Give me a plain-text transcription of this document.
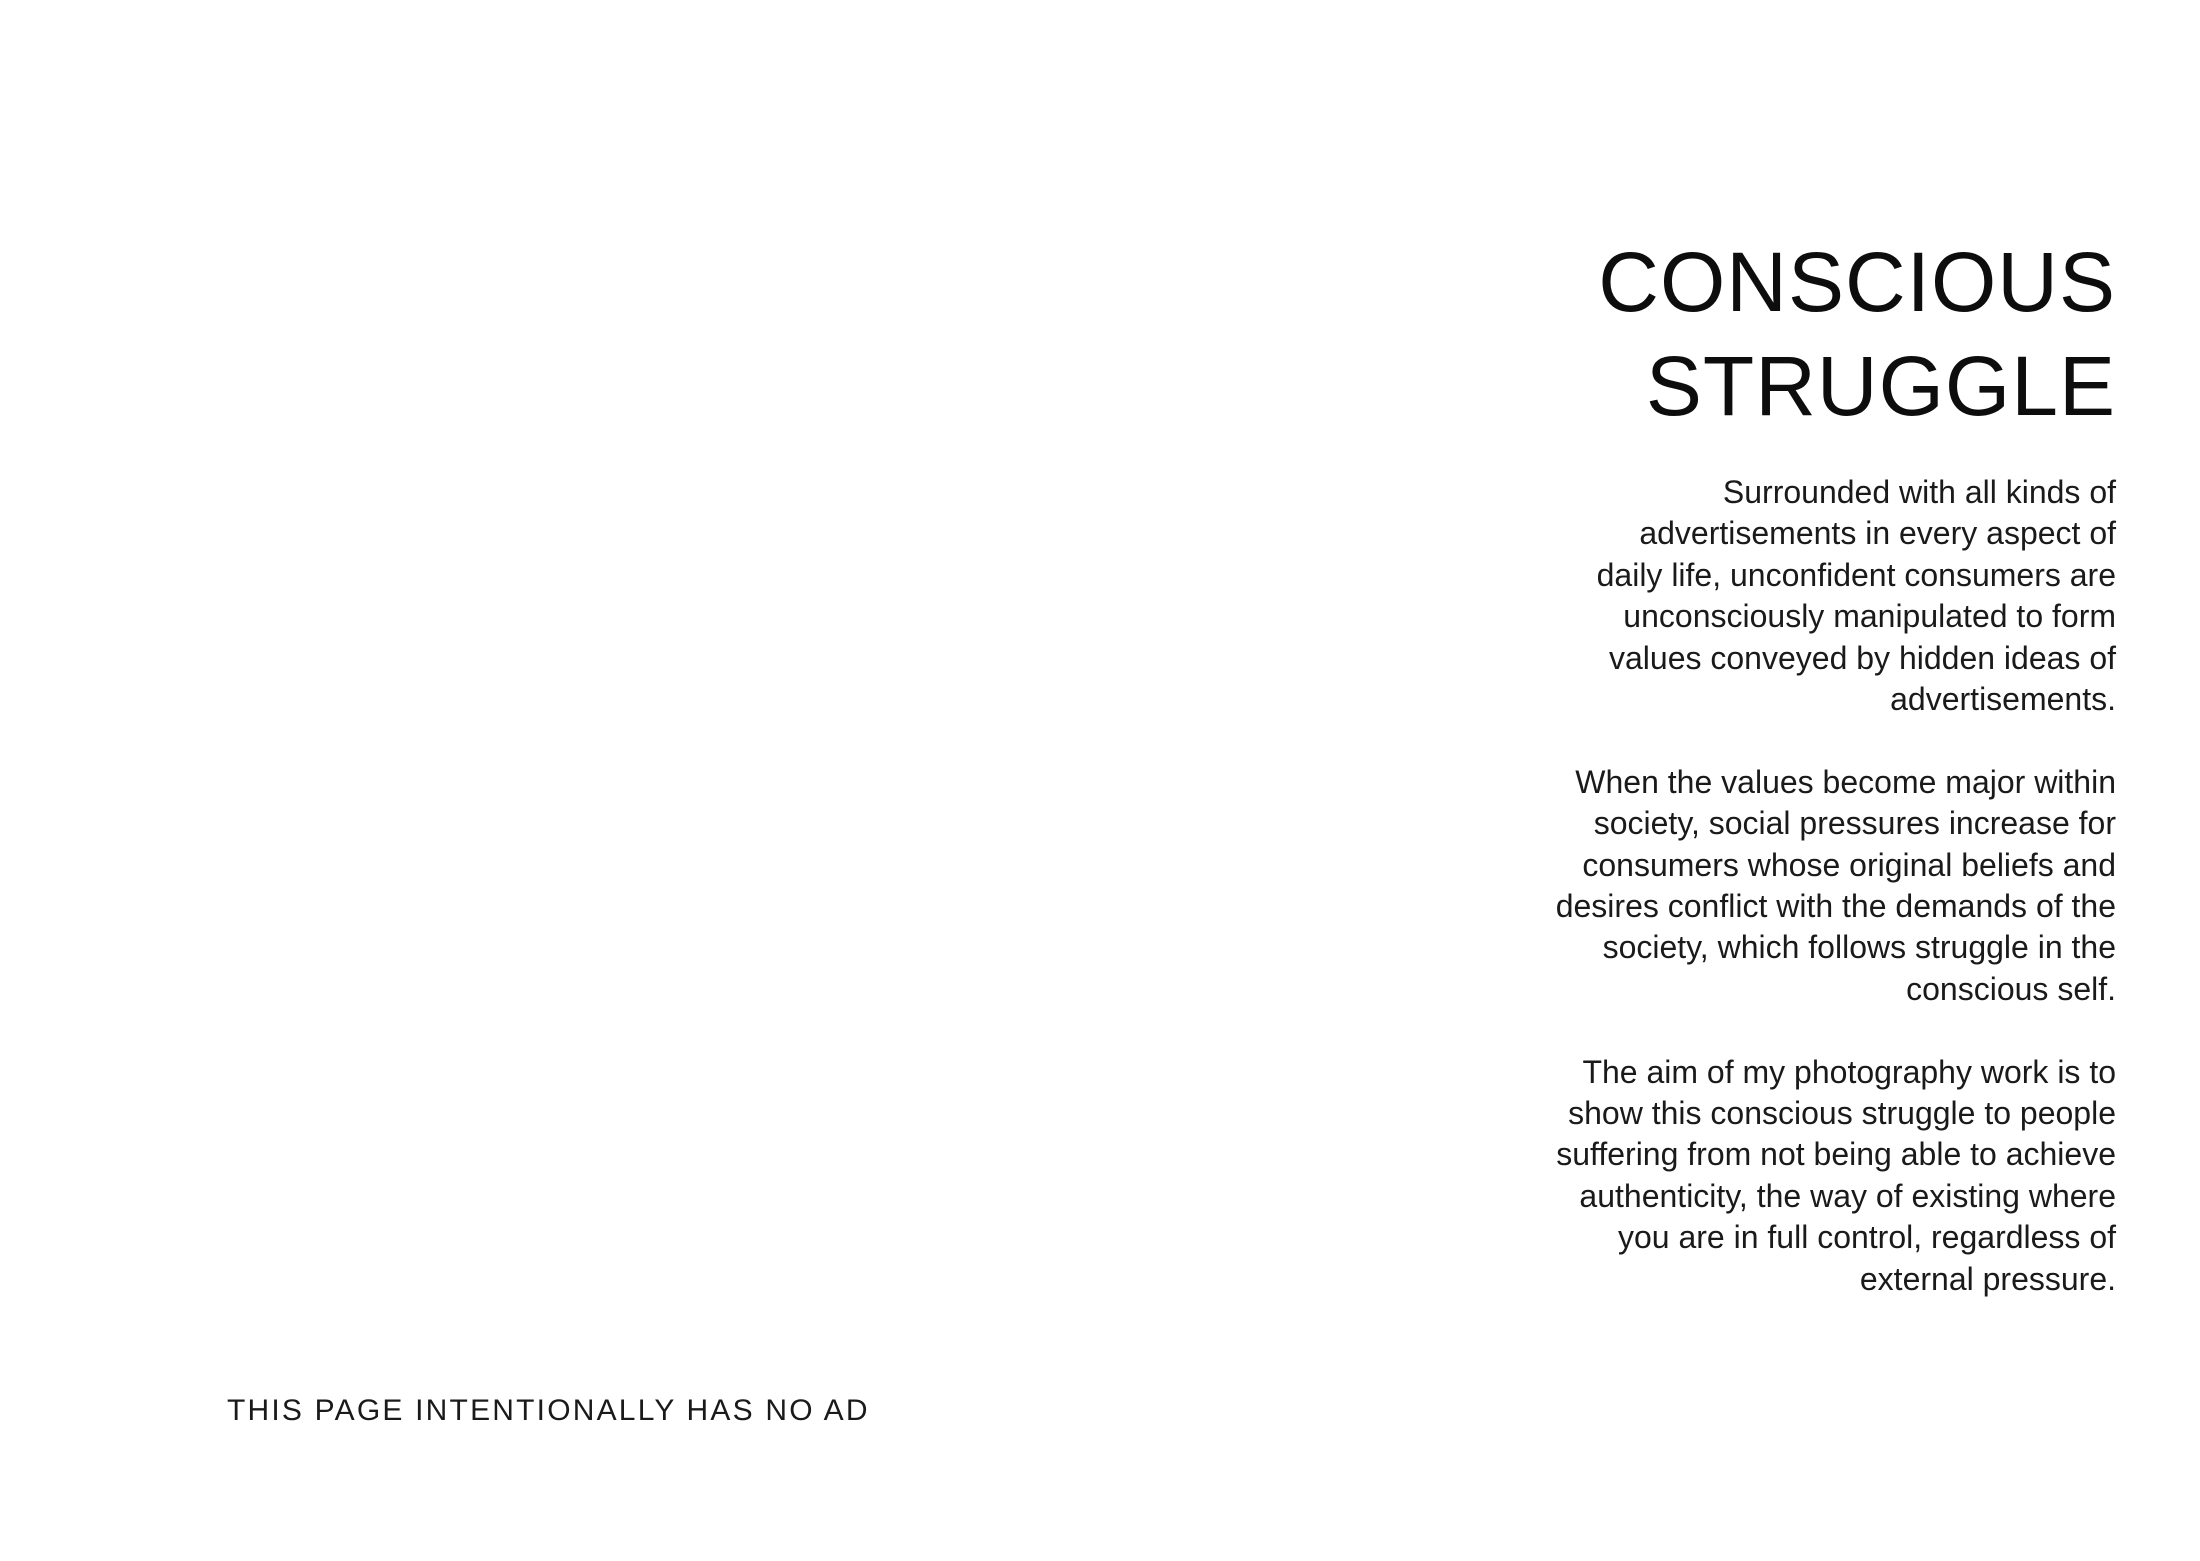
THIS PAGE INTENTIONALLY HAS NO AD
CONSCIOUS
STRUGGLE

Surrounded with all kinds of
advertisements in every aspect of
daily life, unconfident consumers are
unconsciously manipulated to form
values conveyed by hidden ideas of
advertisements.

When the values become major within
society, social pressures increase for
consumers whose original beliefs and
desires conflict with the demands of the
society, which follows struggle in the
conscious self.

The aim of my photography work is to
show this conscious struggle to people
suffering from not being able to achieve
authenticity, the way of existing where
you are in full control, regardless of
external pressure.
